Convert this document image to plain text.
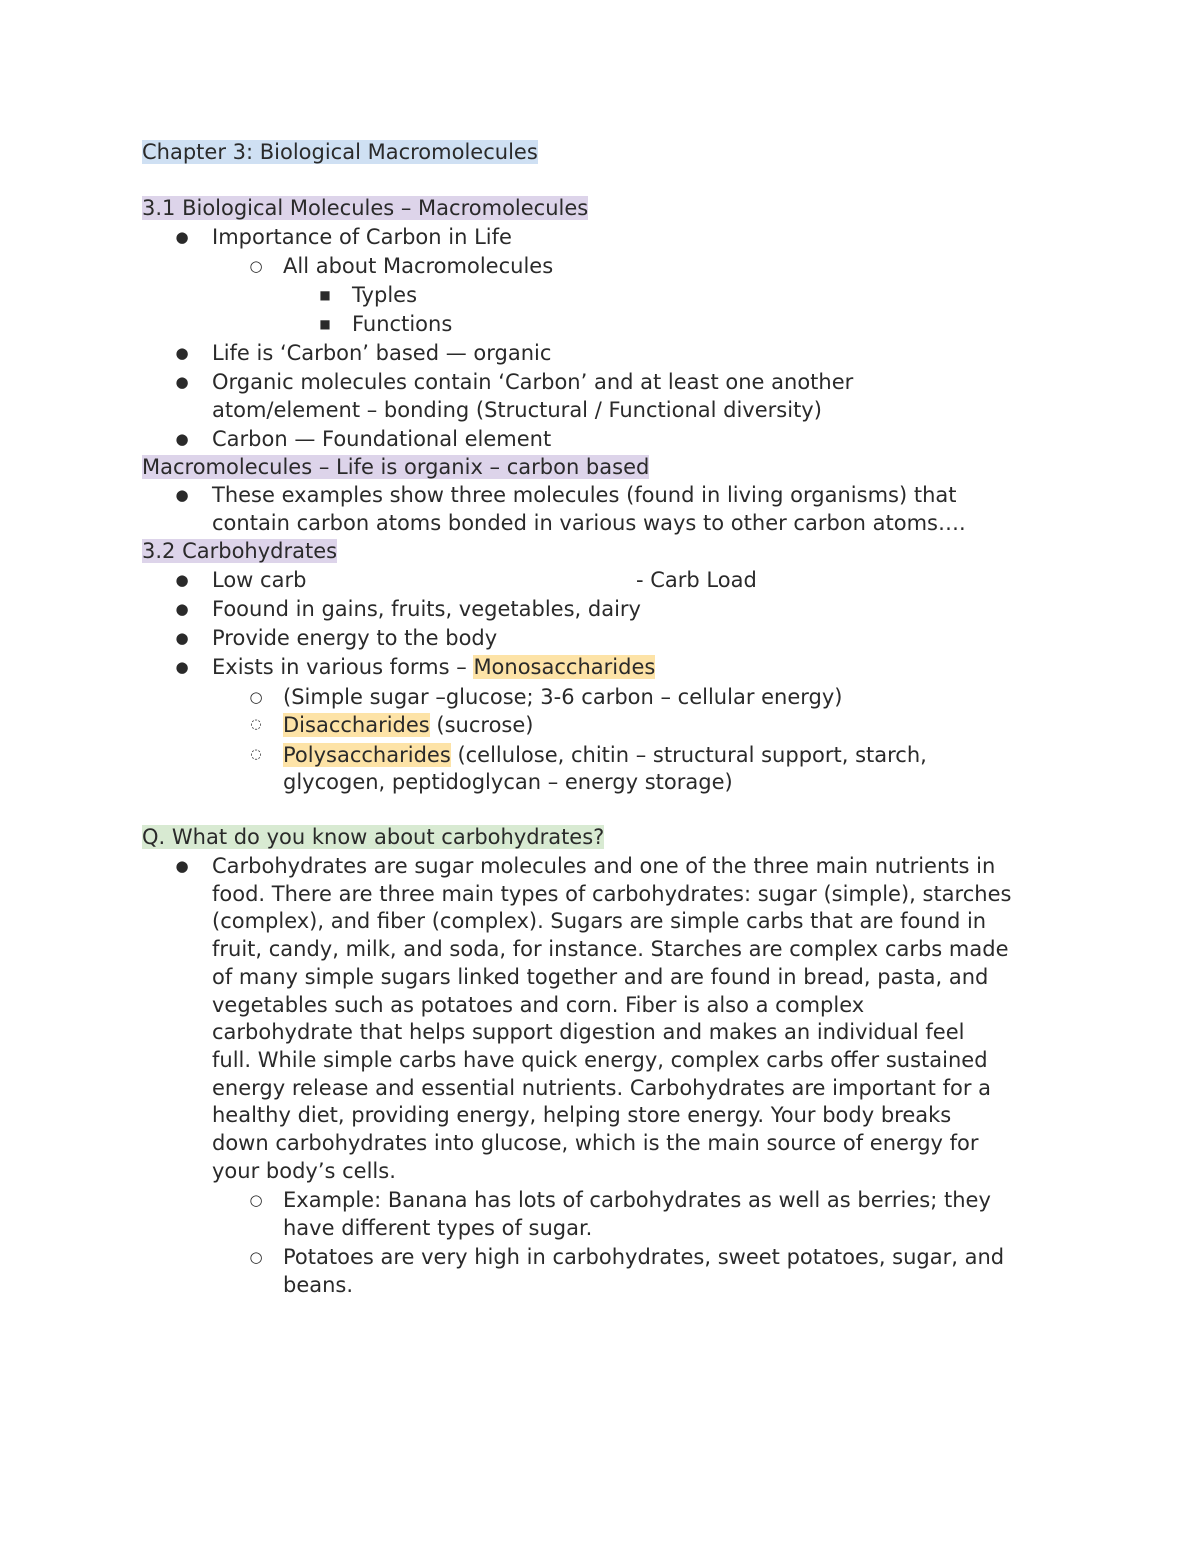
Chapter 3: Biological Macromolecules
3.1 Biological Molecules – Macromolecules
● Importance of Carbon in Life
○ All about Macromolecules
■ Typles
■ Functions
● Life is ‘Carbon’ based — organic
● Organic molecules contain ‘Carbon’ and at least one another
atom/element – bonding (Structural / Functional diversity)
● Carbon — Foundational element
Macromolecules – Life is organix – carbon based
● These examples show three molecules (found in living organisms) that
contain carbon atoms bonded in various ways to other carbon atoms….
3.2 Carbohydrates
● Low carb	- Carb Load
● Foound in gains, fruits, vegetables, dairy
● Provide energy to the body
● Exists in various forms – Monosaccharides
○ (Simple sugar –glucose; 3-6 carbon – cellular energy)
◌ Disaccharides (sucrose)
◌ Polysaccharides (cellulose, chitin – structural support, starch,
glycogen, peptidoglycan – energy storage)
Q. What do you know about carbohydrates?
● Carbohydrates are sugar molecules and one of the three main nutrients in
food. There are three main types of carbohydrates: sugar (simple), starches
(complex), and fiber (complex). Sugars are simple carbs that are found in
fruit, candy, milk, and soda, for instance. Starches are complex carbs made
of many simple sugars linked together and are found in bread, pasta, and
vegetables such as potatoes and corn. Fiber is also a complex
carbohydrate that helps support digestion and makes an individual feel
full. While simple carbs have quick energy, complex carbs offer sustained
energy release and essential nutrients. Carbohydrates are important for a
healthy diet, providing energy, helping store energy. Your body breaks
down carbohydrates into glucose, which is the main source of energy for
your body’s cells.
○ Example: Banana has lots of carbohydrates as well as berries; they
have different types of sugar.
○ Potatoes are very high in carbohydrates, sweet potatoes, sugar, and
beans.
